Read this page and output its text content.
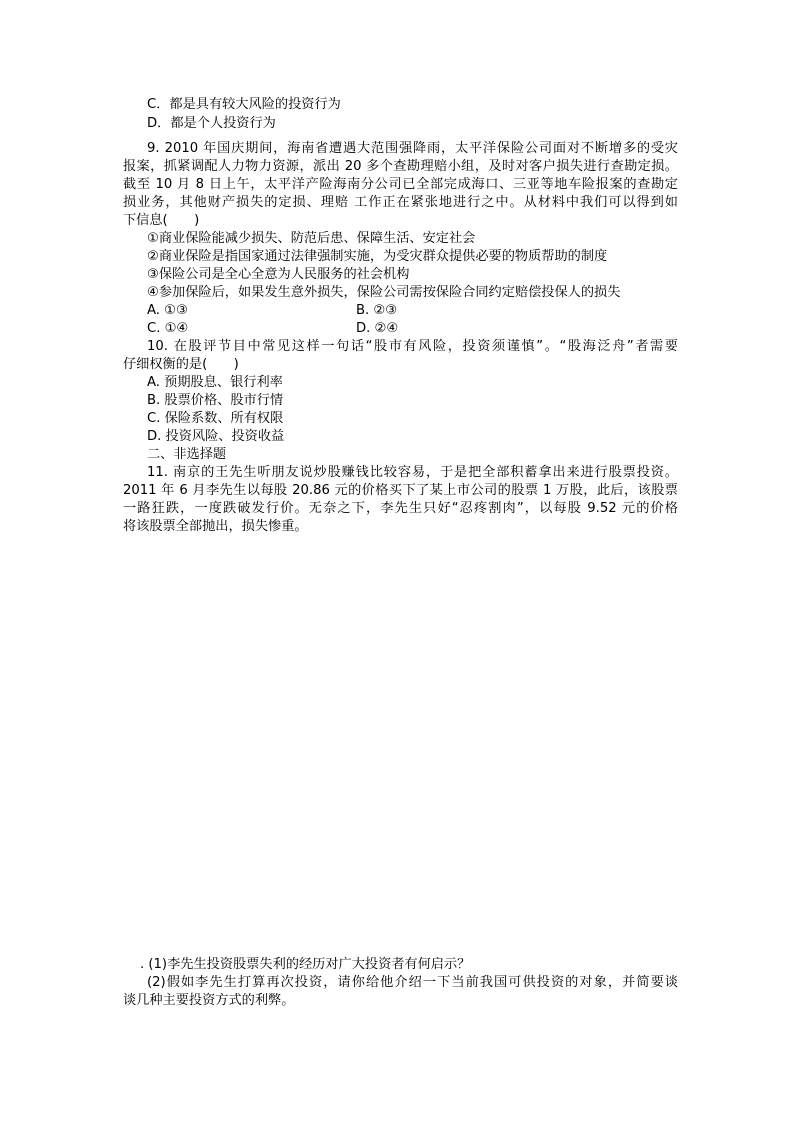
C．都是具有较大风险的投资行为
D．都是个人投资行为
9. 2010 年国庆期间，海南省遭遇大范围强降雨，太平洋保险公司面对不断增多的受灾
报案，抓紧调配人力物力资源，派出 20 多个查勘理赔小组，及时对客户损失进行查勘定损。
截至 10 月 8 日上午，太平洋产险海南分公司已全部完成海口、三亚等地车险报案的查勘定
损业务，其他财产损失的定损、理赔 工作正在紧张地进行之中。从材料中我们可以得到如
下信息(　　)
①商业保险能减少损失、防范后患、保障生活、安定社会
②商业保险是指国家通过法律强制实施，为受灾群众提供必要的物质帮助的制度
③保险公司是全心全意为人民服务的社会机构
④参加保险后，如果发生意外损失，保险公司需按保险合同约定赔偿投保人的损失
A. ①③	B. ②③
C. ①④	D. ②④
10. 在股评节目中常见这样一句话“股市有风险，投资须谨慎”。“股海泛舟”者需要
仔细权衡的是(　　)
A. 预期股息、银行利率
B. 股票价格、股市行情
C. 保险系数、所有权限
D. 投资风险、投资收益
二、非选择题
11. 南京的王先生听朋友说炒股赚钱比较容易，于是把全部积蓄拿出来进行股票投资。
2011 年 6 月李先生以每股 20.86 元的价格买下了某上市公司的股票 1 万股，此后，该股票
一路狂跌，一度跌破发行价。无奈之下，李先生只好“忍疼割肉”，以每股 9.52 元的价格
将该股票全部抛出，损失惨重。
. (1)李先生投资股票失利的经历对广大投资者有何启示？
(2)假如李先生打算再次投资，请你给他介绍一下当前我国可供投资的对象，并简要谈
谈几种主要投资方式的利弊。
